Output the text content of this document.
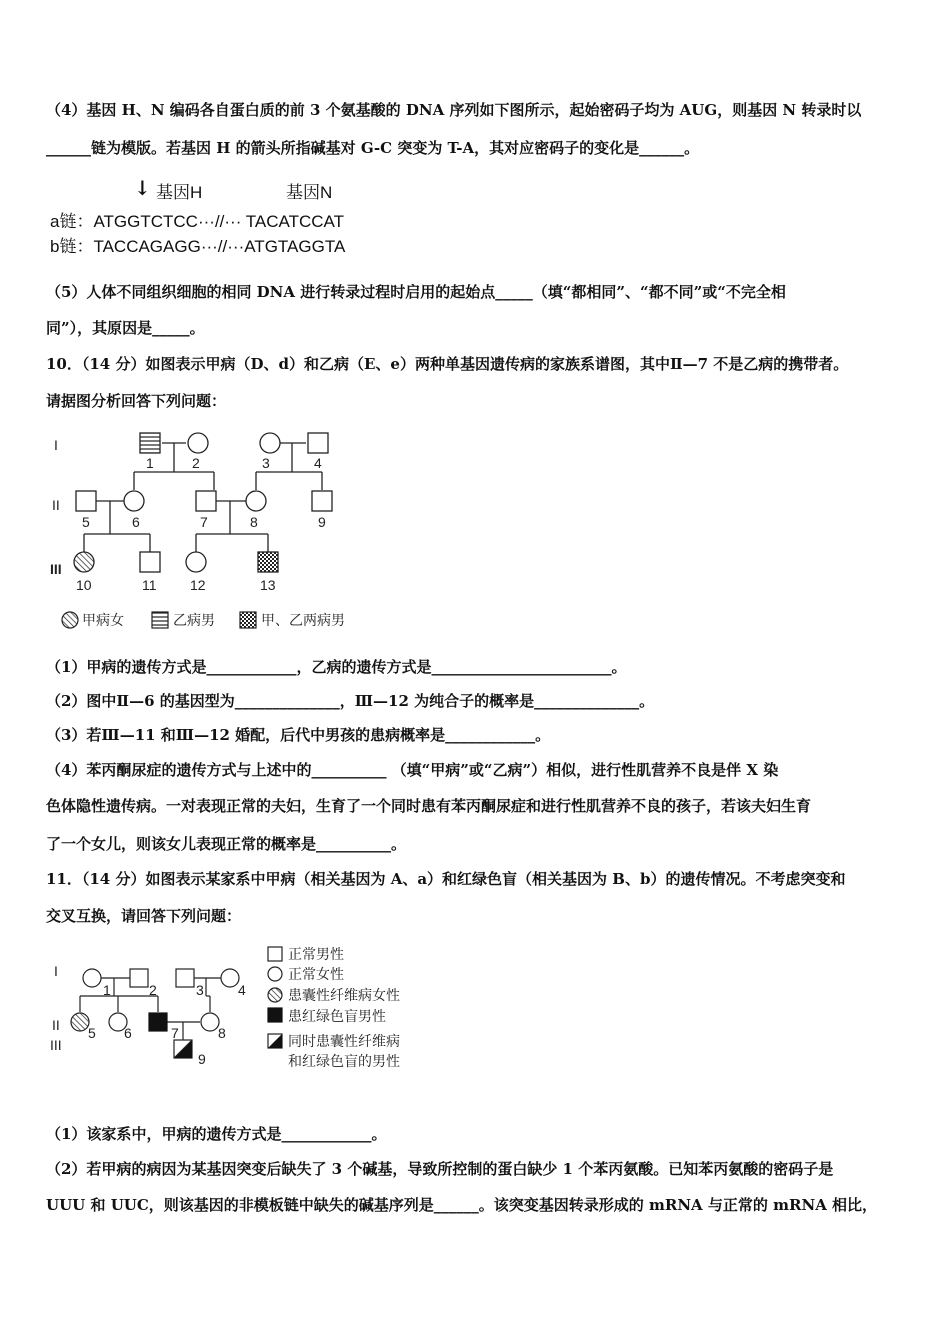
（4）基因 H、N 编码各自蛋白质的前 3 个氨基酸的 DNA 序列如下图所示，起始密码子均为 AUG，则基因 N 转录时以
______链为模版。若基因 H 的箭头所指碱基对 G-C 突变为 T-A，其对应密码子的变化是______。
↓ 基因H	基因N
a链：ATGGTCTCC···//··· TACATCCAT
b链：TACCAGAGG···//···ATGTAGGTA
（5）人体不同组织细胞的相同 DNA 进行转录过程时启用的起始点_____（填“都相同”、“都不同”或“不完全相
同”），其原因是_____。
10．（14 分）如图表示甲病（D、d）和乙病（E、e）两种单基因遗传病的家族系谱图，其中Ⅱ—7 不是乙病的携带者。
请据图分析回答下列问题：
I
II
III
1	2	3	4
5	6	7	8	9
10	11 12	13
甲病女	乙病男	甲、乙两病男
（1）甲病的遗传方式是____________，乙病的遗传方式是________________________。
（2）图中Ⅱ—6 的基因型为______________，Ⅲ—12 为纯合子的概率是______________。
（3）若Ⅲ—11 和Ⅲ—12 婚配，后代中男孩的患病概率是____________。
（4）苯丙酮尿症的遗传方式与上述中的__________ （填“甲病”或“乙病”）相似，进行性肌营养不良是伴 X 染
色体隐性遗传病。一对表现正常的夫妇，生育了一个同时患有苯丙酮尿症和进行性肌营养不良的孩子，若该夫妇生育
了一个女儿，则该女儿表现正常的概率是__________。
11．（14 分）如图表示某家系中甲病（相关基因为 A、a）和红绿色盲（相关基因为 B、b）的遗传情况。不考虑突变和
交叉互换，请回答下列问题：
I
II
III
1	2	3 4
5 6	7	8
9
正常男性
正常女性
患囊性纤维病女性
患红绿色盲男性
同时患囊性纤维病
和红绿色盲的男性
（1）该家系中，甲病的遗传方式是____________。
（2）若甲病的病因为某基因突变后缺失了 3 个碱基，导致所控制的蛋白缺少 1 个苯丙氨酸。已知苯丙氨酸的密码子是
UUU 和 UUC，则该基因的非模板链中缺失的碱基序列是______。该突变基因转录形成的 mRNA 与正常的 mRNA 相比，
